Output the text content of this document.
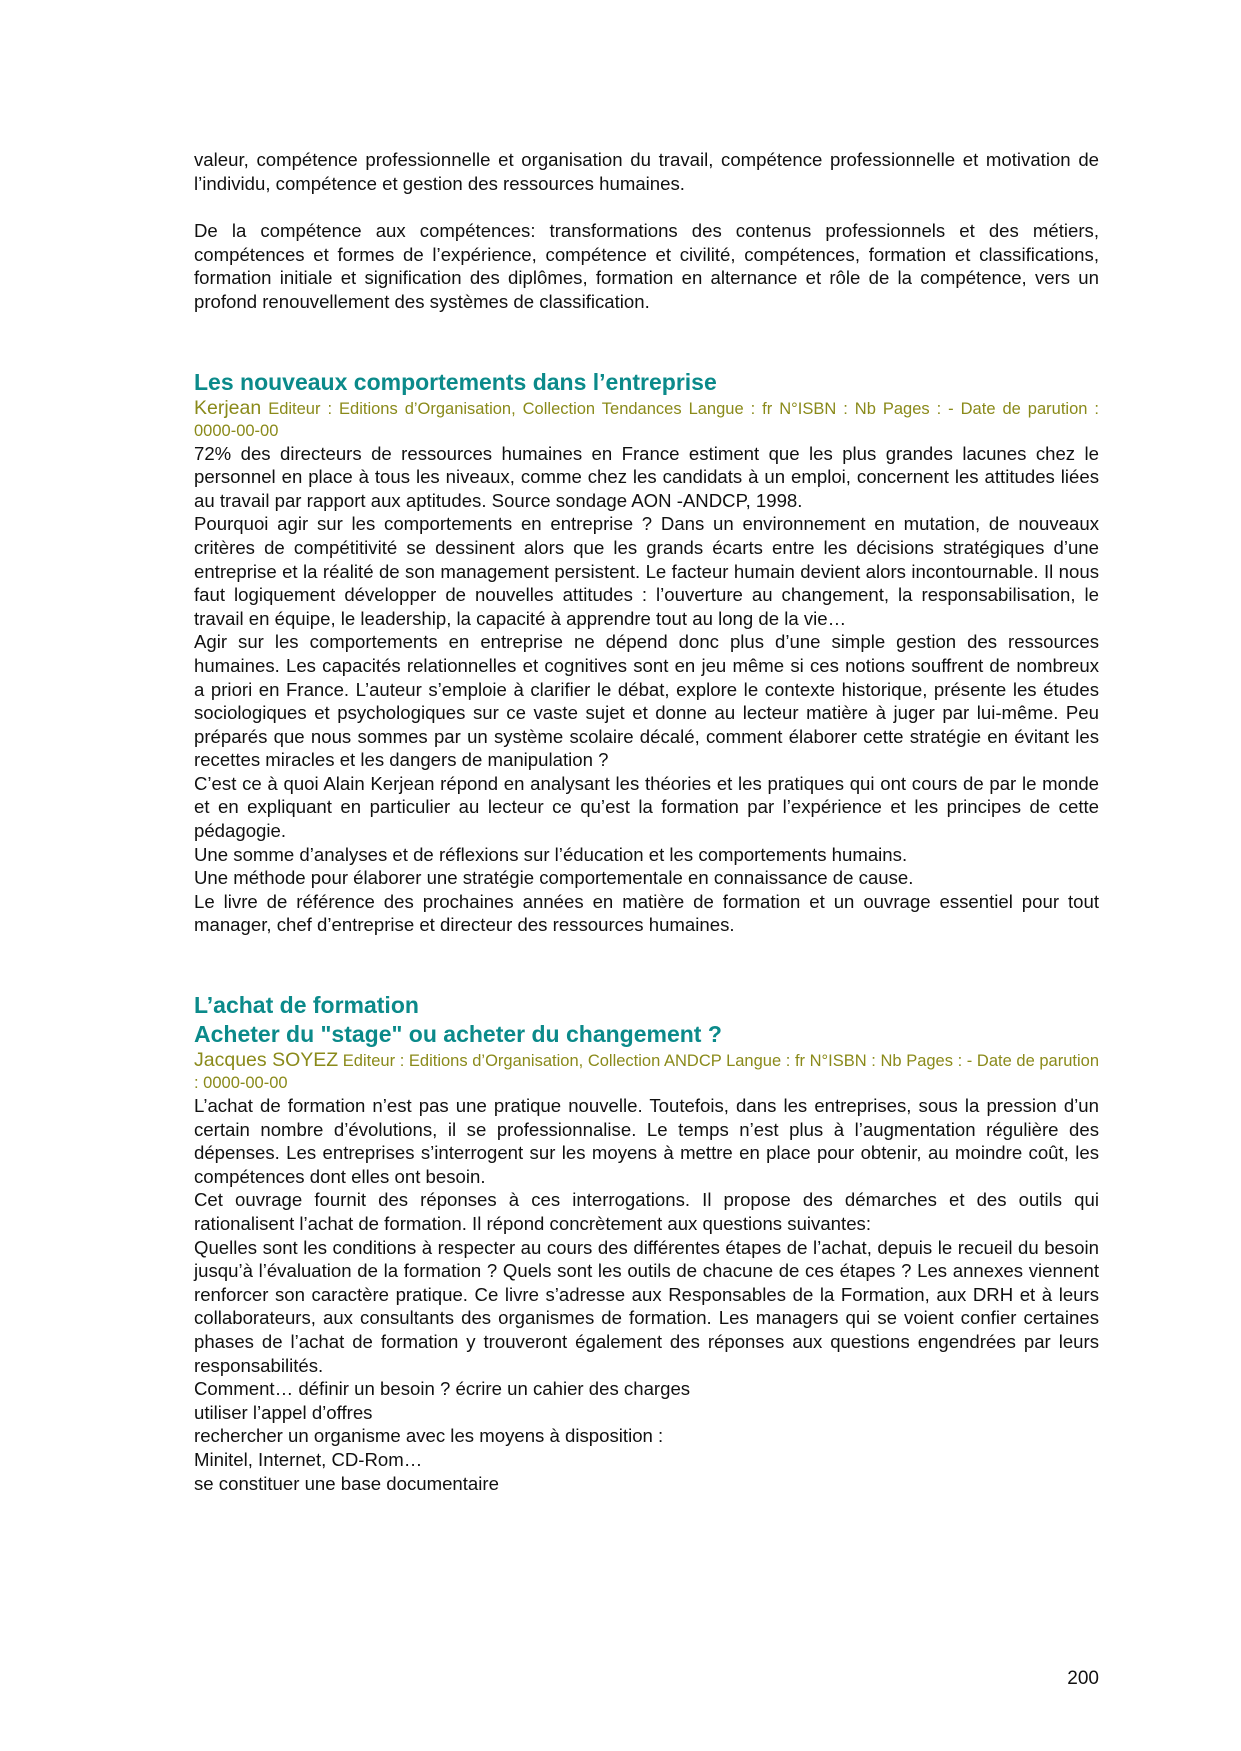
valeur, compétence professionnelle et organisation du travail, compétence professionnelle et motivation de l’individu, compétence et gestion des ressources humaines.

De la compétence aux compétences: transformations des contenus professionnels et des métiers, compétences et formes de l’expérience, compétence et civilité, compétences, formation et classifications, formation initiale et signification des diplômes, formation en alternance et rôle de la compétence, vers un profond renouvellement des systèmes de classification.

Les nouveaux comportements dans l’entreprise

Kerjean Editeur : Editions d’Organisation, Collection Tendances Langue : fr N°ISBN : Nb Pages : - Date de parution : 0000-00-00

72% des directeurs de ressources humaines en France estiment que les plus grandes lacunes chez le personnel en place à tous les niveaux, comme chez les candidats à un emploi, concernent les attitudes liées au travail par rapport aux aptitudes. Source sondage AON -ANDCP, 1998.

Pourquoi agir sur les comportements en entreprise ? Dans un environnement en mutation, de nouveaux critères de compétitivité se dessinent alors que les grands écarts entre les décisions stratégiques d’une entreprise et la réalité de son management persistent. Le facteur humain devient alors incontournable. Il nous faut logiquement développer de nouvelles attitudes : l’ouverture au changement, la responsabilisation, le travail en équipe, le leadership, la capacité à apprendre tout au long de la vie…

Agir sur les comportements en entreprise ne dépend donc plus d’une simple gestion des ressources humaines. Les capacités relationnelles et cognitives sont en jeu même si ces notions souffrent de nombreux a priori en France. L’auteur s’emploie à clarifier le débat, explore le contexte historique, présente les études sociologiques et psychologiques sur ce vaste sujet et donne au lecteur matière à juger par lui-même. Peu préparés que nous sommes par un système scolaire décalé, comment élaborer cette stratégie en évitant les recettes miracles et les dangers de manipulation ?

C’est ce à quoi Alain Kerjean répond en analysant les théories et les pratiques qui ont cours de par le monde et en expliquant en particulier au lecteur ce qu’est la formation par l’expérience et les principes de cette pédagogie.

Une somme d’analyses et de réflexions sur l’éducation et les comportements humains.

Une méthode pour élaborer une stratégie comportementale en connaissance de cause.

Le livre de référence des prochaines années en matière de formation et un ouvrage essentiel pour tout manager, chef d’entreprise et directeur des ressources humaines.

L’achat de formation
Acheter du "stage" ou acheter du changement ?

Jacques SOYEZ Editeur : Editions d’Organisation, Collection ANDCP Langue : fr N°ISBN : Nb Pages : - Date de parution : 0000-00-00

L’achat de formation n’est pas une pratique nouvelle. Toutefois, dans les entreprises, sous la pression d’un certain nombre d’évolutions, il se professionnalise. Le temps n’est plus à l’augmentation régulière des dépenses. Les entreprises s’interrogent sur les moyens à mettre en place pour obtenir, au moindre coût, les compétences dont elles ont besoin.

Cet ouvrage fournit des réponses à ces interrogations. Il propose des démarches et des outils qui rationalisent l’achat de formation. Il répond concrètement aux questions suivantes:

Quelles sont les conditions à respecter au cours des différentes étapes de l’achat, depuis le recueil du besoin jusqu’à l’évaluation de la formation ? Quels sont les outils de chacune de ces étapes ? Les annexes viennent renforcer son caractère pratique. Ce livre s’adresse aux Responsables de la Formation, aux DRH et à leurs collaborateurs, aux consultants des organismes de formation. Les managers qui se voient confier certaines phases de l’achat de formation y trouveront également des réponses aux questions engendrées par leurs responsabilités.

Comment… définir un besoin ? écrire un cahier des charges

utiliser l’appel d’offres

rechercher un organisme avec les moyens à disposition :

Minitel, Internet, CD-Rom…

se constituer une base documentaire

200
